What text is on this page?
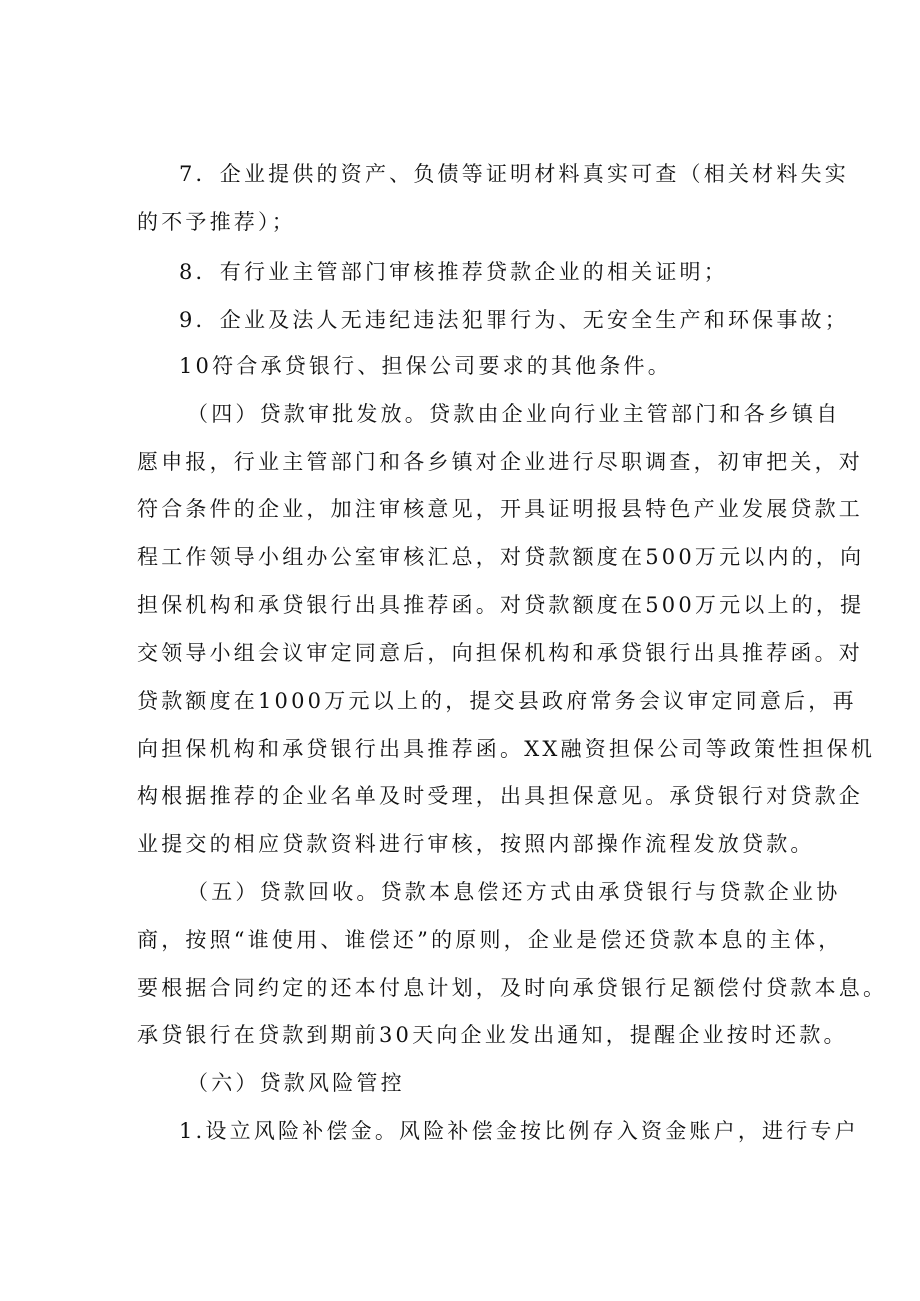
7．企业提供的资产、负债等证明材料真实可查（相关材料失实
的不予推荐）；
8．有行业主管部门审核推荐贷款企业的相关证明；
9．企业及法人无违纪违法犯罪行为、无安全生产和环保事故；
10符合承贷银行、担保公司要求的其他条件。
（四）贷款审批发放。贷款由企业向行业主管部门和各乡镇自
愿申报，行业主管部门和各乡镇对企业进行尽职调查，初审把关，对
符合条件的企业，加注审核意见，开具证明报县特色产业发展贷款工
程工作领导小组办公室审核汇总，对贷款额度在500万元以内的，向
担保机构和承贷银行出具推荐函。对贷款额度在500万元以上的，提
交领导小组会议审定同意后，向担保机构和承贷银行出具推荐函。对
贷款额度在1000万元以上的，提交县政府常务会议审定同意后，再
向担保机构和承贷银行出具推荐函。XX融资担保公司等政策性担保机
构根据推荐的企业名单及时受理，出具担保意见。承贷银行对贷款企
业提交的相应贷款资料进行审核，按照内部操作流程发放贷款。
（五）贷款回收。贷款本息偿还方式由承贷银行与贷款企业协
商，按照“谁使用、谁偿还”的原则，企业是偿还贷款本息的主体，
要根据合同约定的还本付息计划，及时向承贷银行足额偿付贷款本息。
承贷银行在贷款到期前30天向企业发出通知，提醒企业按时还款。
（六）贷款风险管控
1.设立风险补偿金。风险补偿金按比例存入资金账户，进行专户
